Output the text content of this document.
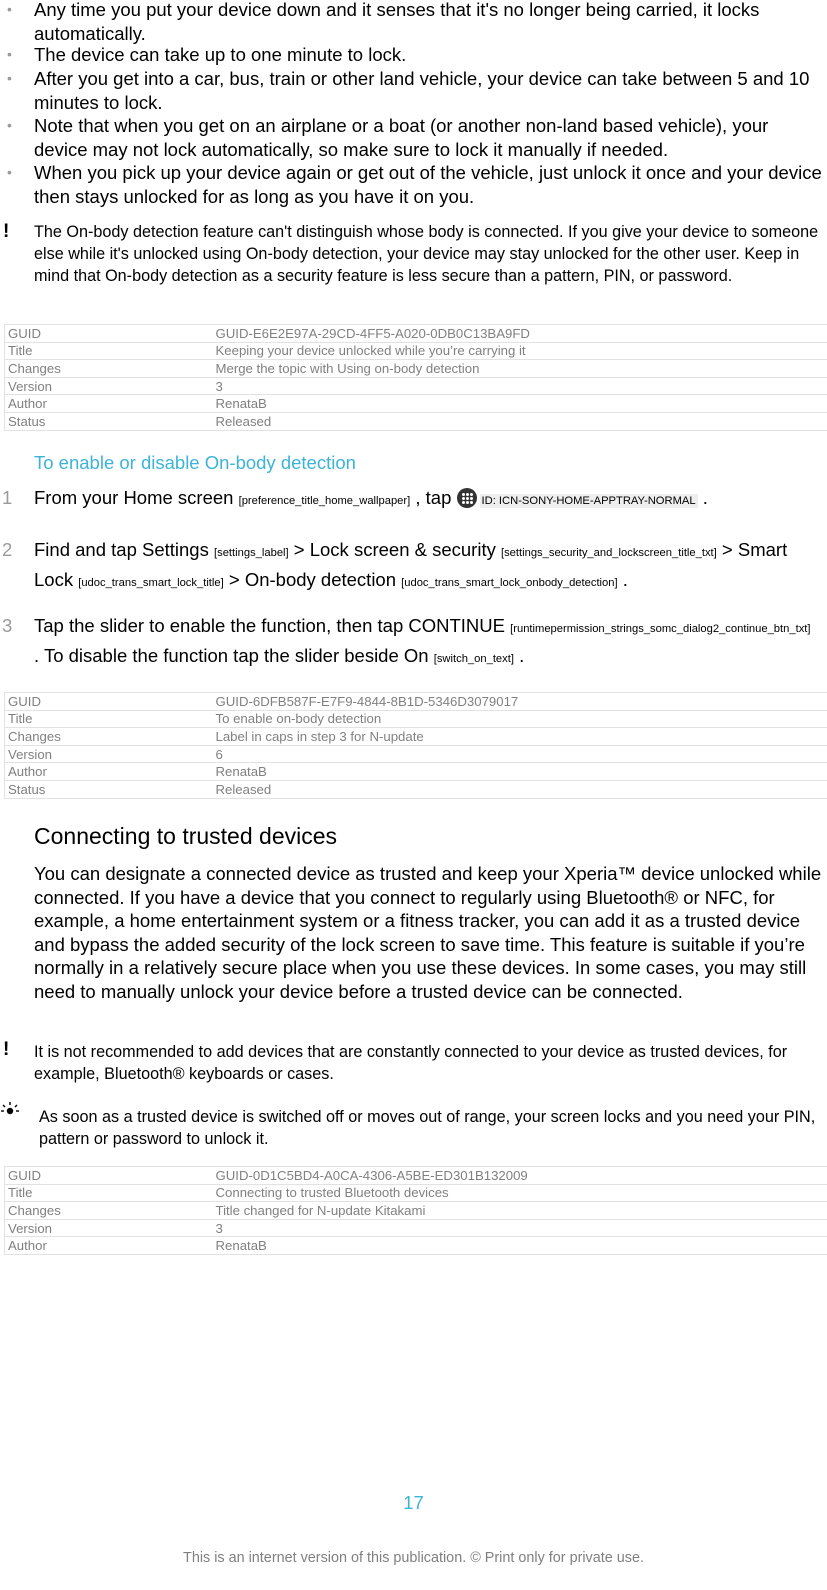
• Any time you put your device down and it senses that it's no longer being carried, it locks automatically.
• The device can take up to one minute to lock.
• After you get into a car, bus, train or other land vehicle, your device can take between 5 and 10 minutes to lock.
• Note that when you get on an airplane or a boat (or another non-land based vehicle), your device may not lock automatically, so make sure to lock it manually if needed.
• When you pick up your device again or get out of the vehicle, just unlock it once and your device then stays unlocked for as long as you have it on you.
! The On-body detection feature can't distinguish whose body is connected. If you give your device to someone else while it's unlocked using On-body detection, your device may stay unlocked for the other user. Keep in mind that On-body detection as a security feature is less secure than a pattern, PIN, or password.
GUID	GUID-E6E2E97A-29CD-4FF5-A020-0DB0C13BA9FD
Title	Keeping your device unlocked while you’re carrying it
Changes	Merge the topic with Using on-body detection
Version	3
Author	RenataB
Status	Released
To enable or disable On-body detection
1 From your Home screen [preference_title_home_wallpaper] , tap
ID: ICN-SONY-HOME-APPTRAY-NORMAL .
2 Find and tap Settings [settings_label] > Lock screen & security [settings_security_and_lockscreen_title_txt] > Smart Lock [udoc_trans_smart_lock_title] > On-body detection [udoc_trans_smart_lock_onbody_detection] .
3 Tap the slider to enable the function, then tap CONTINUE [runtimepermission_strings_somc_dialog2_continue_btn_txt] . To disable the function tap the slider beside On [switch_on_text] .
GUID	GUID-6DFB587F-E7F9-4844-8B1D-5346D3079017
Title	To enable on-body detection
Changes	Label in caps in step 3 for N-update
Version	6
Author	RenataB
Status	Released
Connecting to trusted devices
You can designate a connected device as trusted and keep your Xperia™ device unlocked while connected. If you have a device that you connect to regularly using Bluetooth® or NFC, for example, a home entertainment system or a fitness tracker, you can add it as a trusted device and bypass the added security of the lock screen to save time. This feature is suitable if you’re normally in a relatively secure place when you use these devices. In some cases, you may still need to manually unlock your device before a trusted device can be connected.
! It is not recommended to add devices that are constantly connected to your device as trusted devices, for example, Bluetooth® keyboards or cases.
As soon as a trusted device is switched off or moves out of range, your screen locks and you need your PIN, pattern or password to unlock it.
GUID	GUID-0D1C5BD4-A0CA-4306-A5BE-ED301B132009
Title	Connecting to trusted Bluetooth devices
Changes	Title changed for N-update Kitakami
Version	3
Author	RenataB
17
This is an internet version of this publication. © Print only for private use.
